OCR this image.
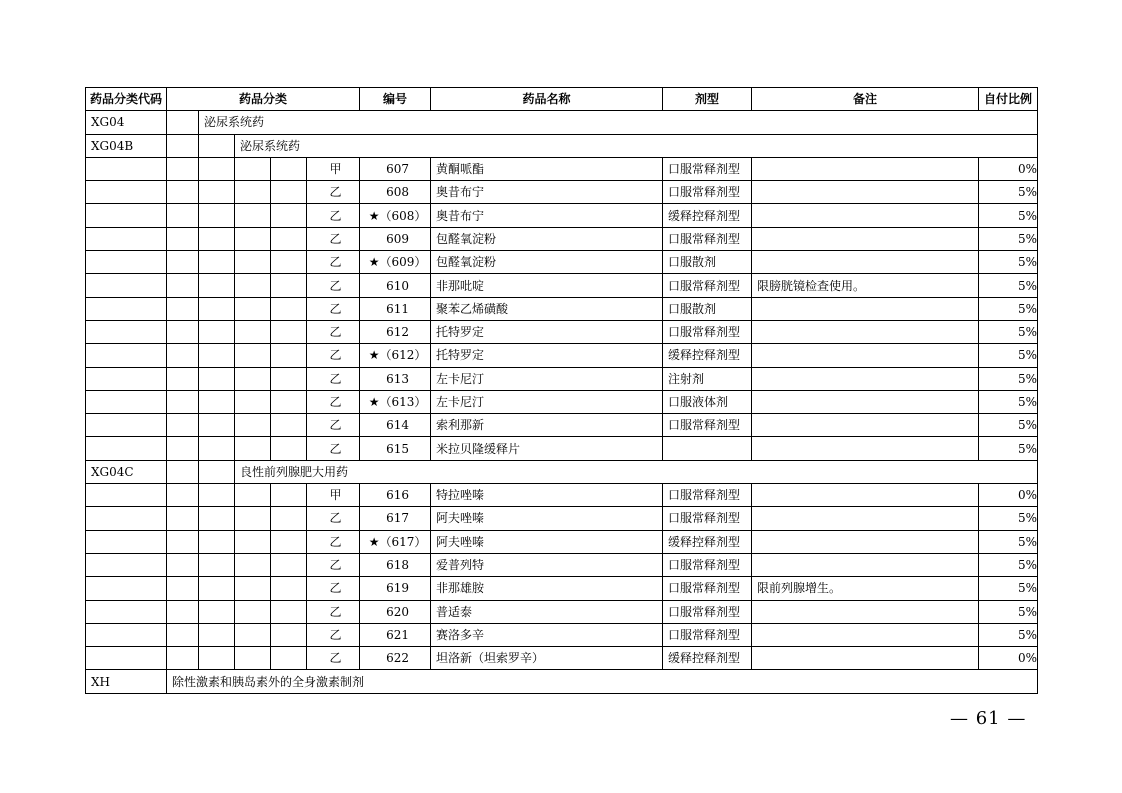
药品分类代码	药品分类					编号	药品名称	剂型	备注	自付比例
XG04		泌尿系统药								
XG04B			泌尿系统药							
					甲	607	黄酮哌酯	口服常释剂型		0%
					乙	608	奥昔布宁	口服常释剂型		5%
					乙	★（608）	奥昔布宁	缓释控释剂型		5%
					乙	609	包醛氧淀粉	口服常释剂型		5%
					乙	★（609）	包醛氧淀粉	口服散剂		5%
					乙	610	非那吡啶	口服常释剂型	限膀胱镜检查使用。	5%
					乙	611	聚苯乙烯磺酸	口服散剂		5%
					乙	612	托特罗定	口服常释剂型		5%
					乙	★（612）	托特罗定	缓释控释剂型		5%
					乙	613	左卡尼汀	注射剂		5%
					乙	★（613）	左卡尼汀	口服液体剂		5%
					乙	614	索利那新	口服常释剂型		5%
					乙	615	米拉贝隆缓释片			5%
XG04C			良性前列腺肥大用药							
					甲	616	特拉唑嗪	口服常释剂型		0%
					乙	617	阿夫唑嗪	口服常释剂型		5%
					乙	★（617）	阿夫唑嗪	缓释控释剂型		5%
					乙	618	爱普列特	口服常释剂型		5%
					乙	619	非那雄胺	口服常释剂型	限前列腺增生。	5%
					乙	620	普适泰	口服常释剂型		5%
					乙	621	赛洛多辛	口服常释剂型		5%
					乙	622	坦洛新（坦索罗辛）	缓释控释剂型		0%
XH	除性激素和胰岛素外的全身激素制剂									
— 61 —
